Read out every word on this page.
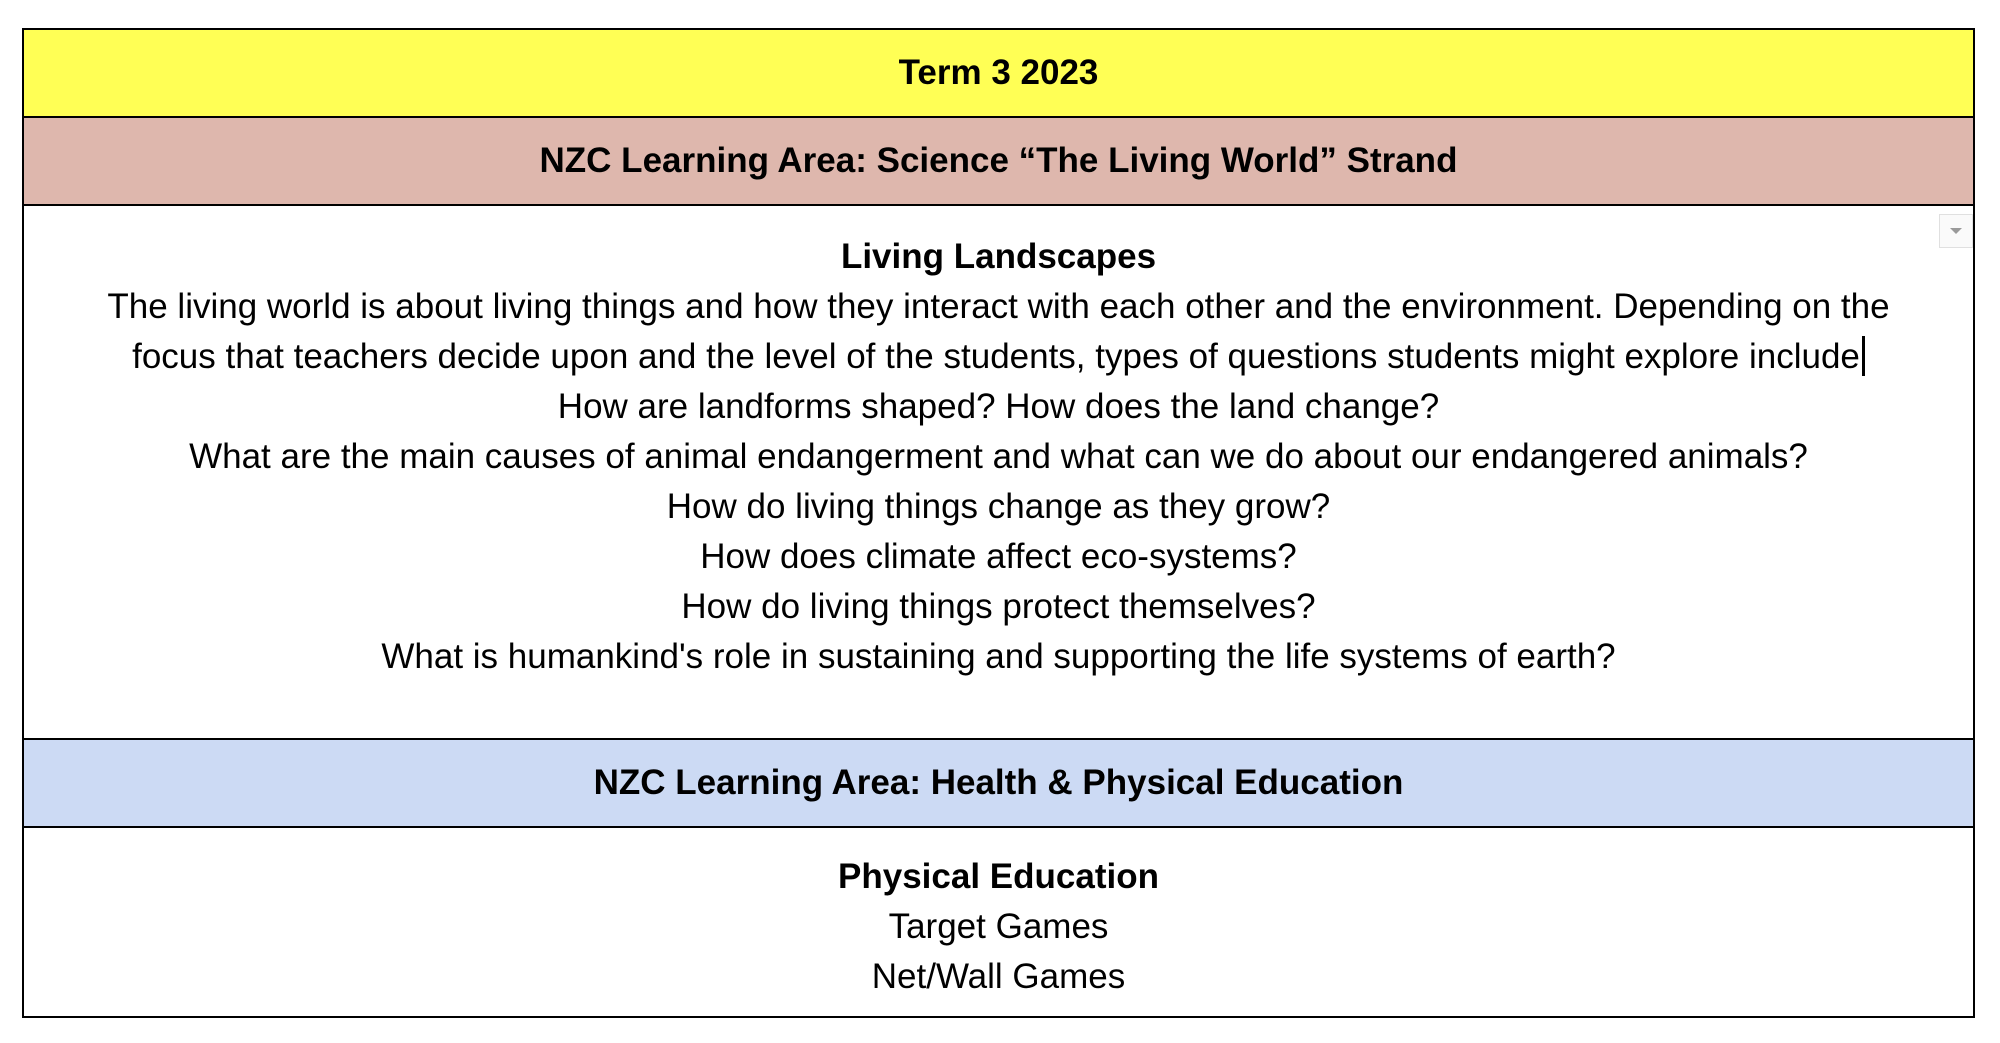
Term 3 2023
NZC Learning Area: Science “The Living World” Strand
Living Landscapes
The living world is about living things and how they interact with each other and the environment. Depending on the focus that teachers decide upon and the level of the students, types of questions students might explore include
How are landforms shaped? How does the land change?
What are the main causes of animal endangerment and what can we do about our endangered animals?
How do living things change as they grow?
How does climate affect eco-systems?
How do living things protect themselves?
What is humankind's role in sustaining and supporting the life systems of earth?
NZC Learning Area: Health & Physical Education
Physical Education
Target Games
Net/Wall Games
